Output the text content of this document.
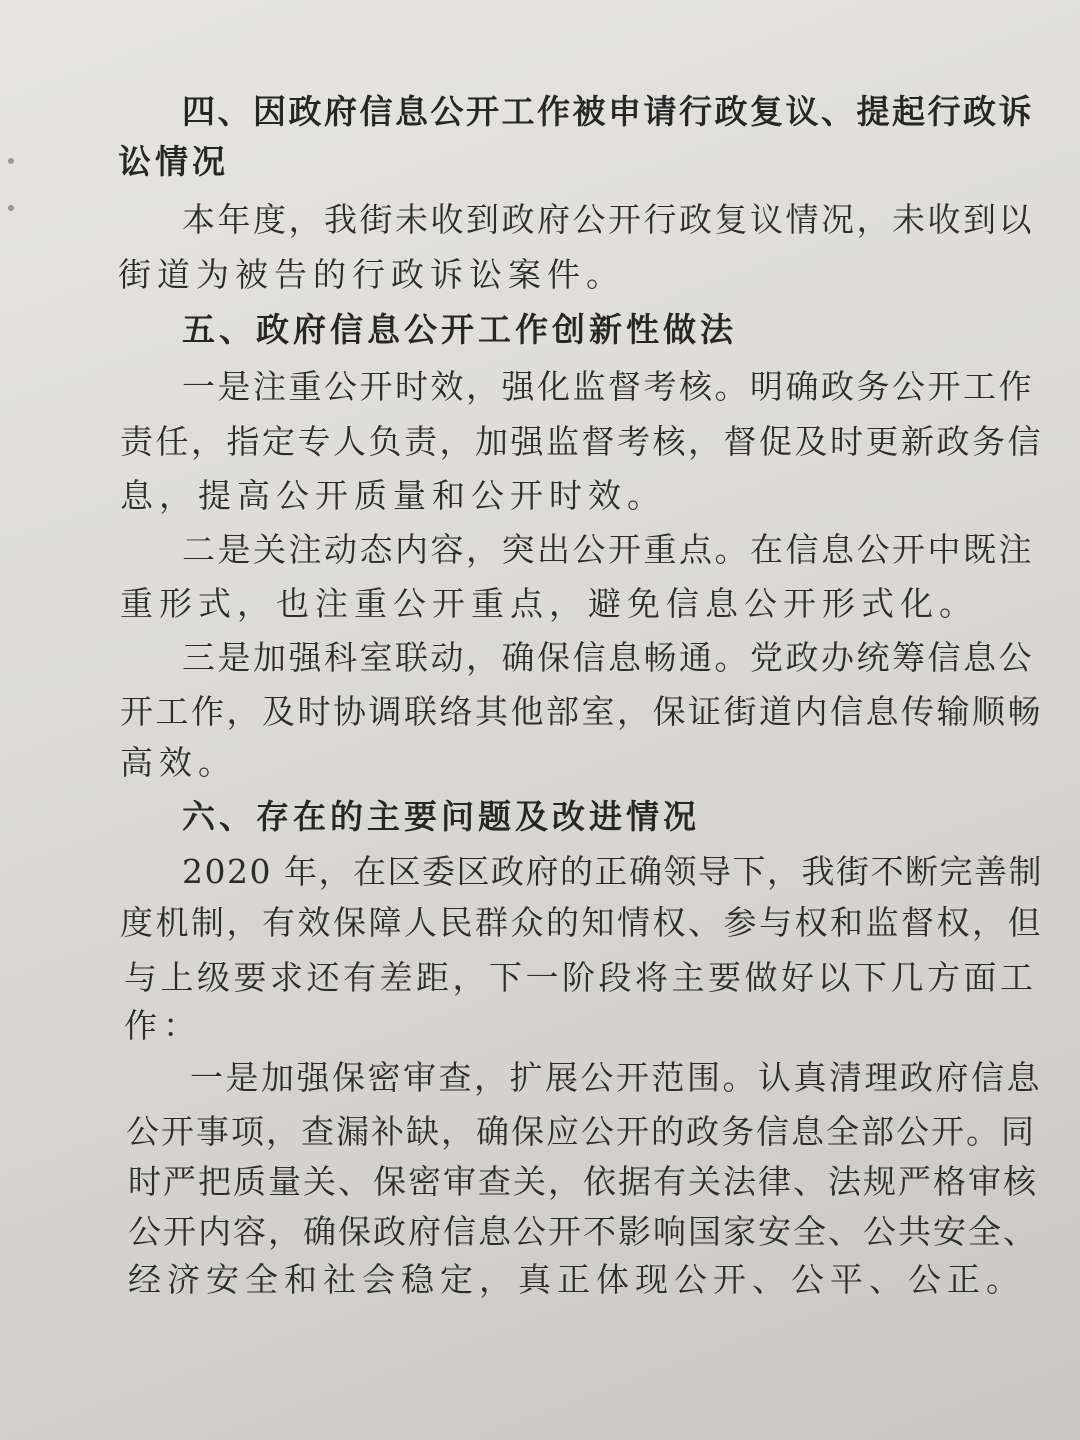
四、因政府信息公开工作被申请行政复议、提起行政诉
讼情况
本年度，我街未收到政府公开行政复议情况，未收到以
街道为被告的行政诉讼案件。
五、政府信息公开工作创新性做法
一是注重公开时效，强化监督考核。明确政务公开工作
责任，指定专人负责，加强监督考核，督促及时更新政务信
息，提高公开质量和公开时效。
二是关注动态内容，突出公开重点。在信息公开中既注
重形式，也注重公开重点，避免信息公开形式化。
三是加强科室联动，确保信息畅通。党政办统筹信息公
开工作，及时协调联络其他部室，保证街道内信息传输顺畅
高效。
六、存在的主要问题及改进情况
2020 年，在区委区政府的正确领导下，我街不断完善制
度机制，有效保障人民群众的知情权、参与权和监督权，但
与上级要求还有差距，下一阶段将主要做好以下几方面工
作：
一是加强保密审查，扩展公开范围。认真清理政府信息
公开事项，查漏补缺，确保应公开的政务信息全部公开。同
时严把质量关、保密审查关，依据有关法律、法规严格审核
公开内容，确保政府信息公开不影响国家安全、公共安全、
经济安全和社会稳定，真正体现公开、公平、公正。
